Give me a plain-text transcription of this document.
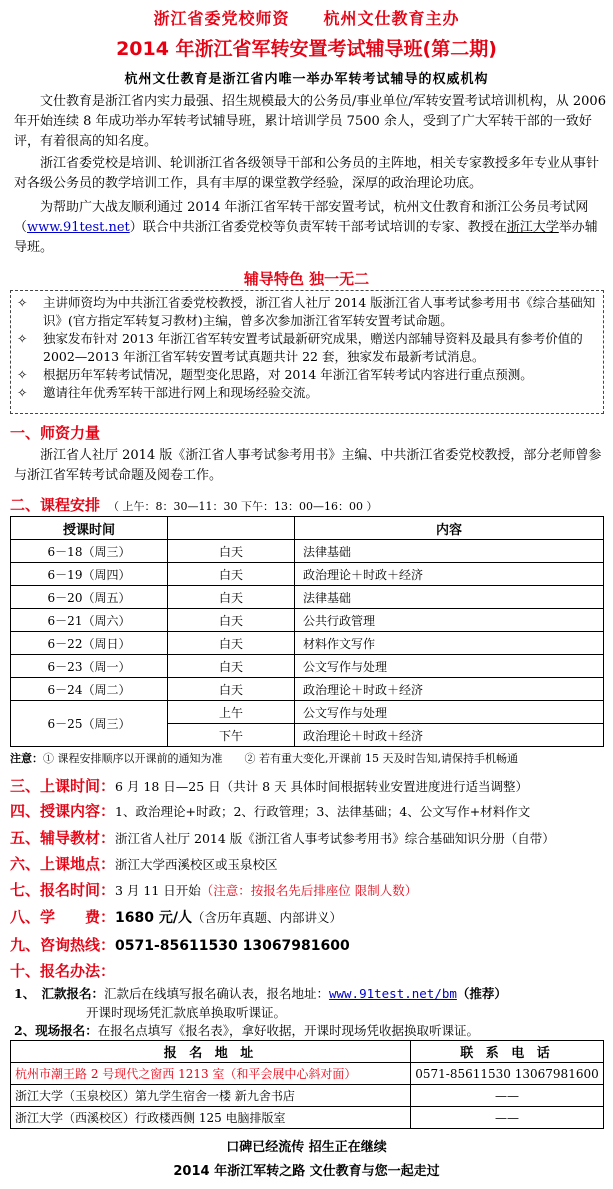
浙江省委党校师资 杭州文仕教育主办
2014 年浙江省军转安置考试辅导班(第二期)
杭州文仕教育是浙江省内唯一举办军转考试辅导的权威机构
文仕教育是浙江省内实力最强、招生规模最大的公务员/事业单位/军转安置考试培训机构，从 2006 年开始连续 8 年成功举办军转考试辅导班，累计培训学员 7500 余人，受到了广大军转干部的一致好评，有着很高的知名度。
浙江省委党校是培训、轮训浙江省各级领导干部和公务员的主阵地，相关专家教授多年专业从事针对各级公务员的教学培训工作，具有丰厚的课堂教学经验，深厚的政治理论功底。
为帮助广大战友顺利通过 2014 年浙江省军转干部安置考试，杭州文仕教育和浙江公务员考试网（www.91test.net）联合中共浙江省委党校等负责军转干部考试培训的专家、教授在浙江大学举办辅导班。
辅导特色 独一无二
✧	主讲师资均为中共浙江省委党校教授，浙江省人社厅 2014 版浙江省人事考试参考用书《综合基础知识》(官方指定军转复习教材)主编，曾多次参加浙江省军转安置考试命题。
✧	独家发布针对 2013 年浙江省军转安置考试最新研究成果，赠送内部辅导资料及最具有参考价值的 2002—2013 年浙江省军转安置考试真题共计 22 套，独家发布最新考试消息。
✧	根据历年军转考试情况，题型变化思路，对 2014 年浙江省军转考试内容进行重点预测。
✧	邀请往年优秀军转干部进行网上和现场经验交流。
一、师资力量
浙江省人社厅 2014 版《浙江省人事考试参考用书》主编、中共浙江省委党校教授，部分老师曾参与浙江省军转考试命题及阅卷工作。
二、课程安排 （ 上午：8：30—11：30 下午：13：00—16：00 ）
授课时间		内容
6－18（周三）	白天	法律基础
6－19（周四）	白天	政治理论＋时政＋经济
6－20（周五）	白天	法律基础
6－21（周六）	白天	公共行政管理
6－22（周日）	白天	材料作文写作
6－23（周一）	白天	公文写作与处理
6－24（周二）	白天	政治理论＋时政＋经济
6－25（周三）	上午	公文写作与处理
	下午	政治理论＋时政＋经济
注意：① 课程安排顺序以开课前的通知为准　　 ② 若有重大变化,开课前 15 天及时告知,请保持手机畅通
三、上课时间：6 月 18 日—25 日（共计 8 天 具体时间根据转业安置进度进行适当调整）
四、授课内容：1、政治理论+时政；2、行政管理；3、法律基础；4、公文写作+材料作文
五、辅导教材：浙江省人社厅 2014 版《浙江省人事考试参考用书》综合基础知识分册（自带）
六、上课地点：浙江大学西溪校区或玉泉校区
七、报名时间：3 月 11 日开始（注意：按报名先后排座位 限制人数）
八、学　　费：1680 元/人（含历年真题、内部讲义）
九、咨询热线：0571-85611530 13067981600
十、报名办法：
1、　汇款报名：汇款后在线填写报名确认表，报名地址：www.91test.net/bm（推荐）
开课时现场凭汇款底单换取听课证。
2、现场报名：在报名点填写《报名表》，拿好收据，开课时现场凭收据换取听课证。
报 名 地 址	联 系 电 话
杭州市潮王路 2 号现代之窗西 1213 室（和平会展中心斜对面）	0571-85611530 13067981600
浙江大学（玉泉校区）第九学生宿舍一楼 新九舍书店	——
浙江大学（西溪校区）行政楼西侧 125 电脑排版室	——
口碑已经流传 招生正在继续
2014 年浙江军转之路 文仕教育与您一起走过
